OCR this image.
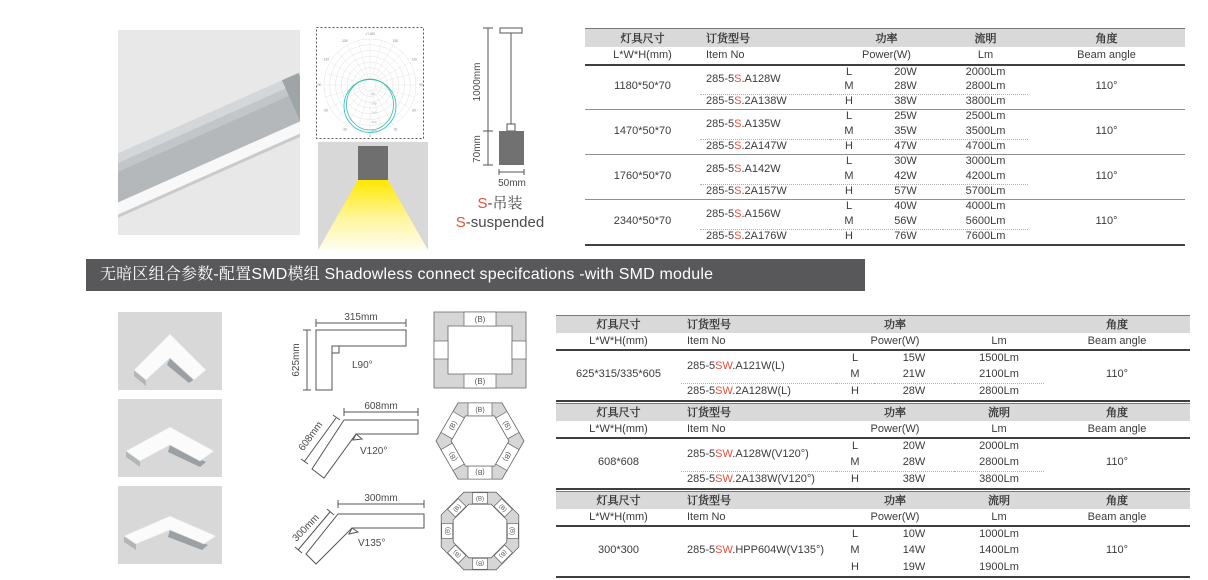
0
30
-30
60
-60
90
-90
120
-120
150
-150
-/+180
80
160
240
320
400
1000mm
70mm
50mm
S-吊装
S-suspended
灯具尺寸	订货型号	功率		流明	角度
L*W*H(mm)	Item No	Power(W)		Lm	Beam angle
1180*50*70	285-5S.A128W	L	20W	2000Lm	110°
		M	28W	2800Lm	
	285-5S.2A138W	H	38W	3800Lm	
1470*50*70	285-5S.A135W	L	25W	2500Lm	110°
		M	35W	3500Lm	
	285-5S.2A147W	H	47W	4700Lm	
1760*50*70	285-5S.A142W	L	30W	3000Lm	110°
		M	42W	4200Lm	
	285-5S.2A157W	H	57W	5700Lm	
2340*50*70	285-5S.A156W	L	40W	4000Lm	110°
		M	56W	5600Lm	
	285-5S.2A176W	H	76W	7600Lm	
无暗区组合参数-配置SMD模组 Shadowless connect specifcations -with SMD module
315mm
625mm	L90°
608mm
608mm	V120°
300mm
300mm	V135°
(B)
(B)
(B)
(B)
(B)
(B)
(B)
(B)
(B)
(B)
(B)
(B)
(B)
(B)
(B)
(B)
灯具尺寸	订货型号	功率			角度
L*W*H(mm)	Item No	Power(W)		Lm	Beam angle
625*315/335*605	285-5SW.A121W(L)	L	15W	1500Lm	110°
		M	21W	2100Lm	
	285-5SW.2A128W(L)	H	28W	2800Lm	
灯具尺寸	订货型号	功率		流明	角度
L*W*H(mm)	Item No	Power(W)		Lm	Beam angle
608*608	285-5SW.A128W(V120°)	L	20W	2000Lm	110°
		M	28W	2800Lm	
	285-5SW.2A138W(V120°)	H	38W	3800Lm	
灯具尺寸	订货型号	功率		流明	角度
L*W*H(mm)	Item No	Power(W)		Lm	Beam angle
300*300	285-5SW.HPP604W(V135°)	L	10W	1000Lm	110°
		M	14W	1400Lm	
		H	19W	1900Lm	
